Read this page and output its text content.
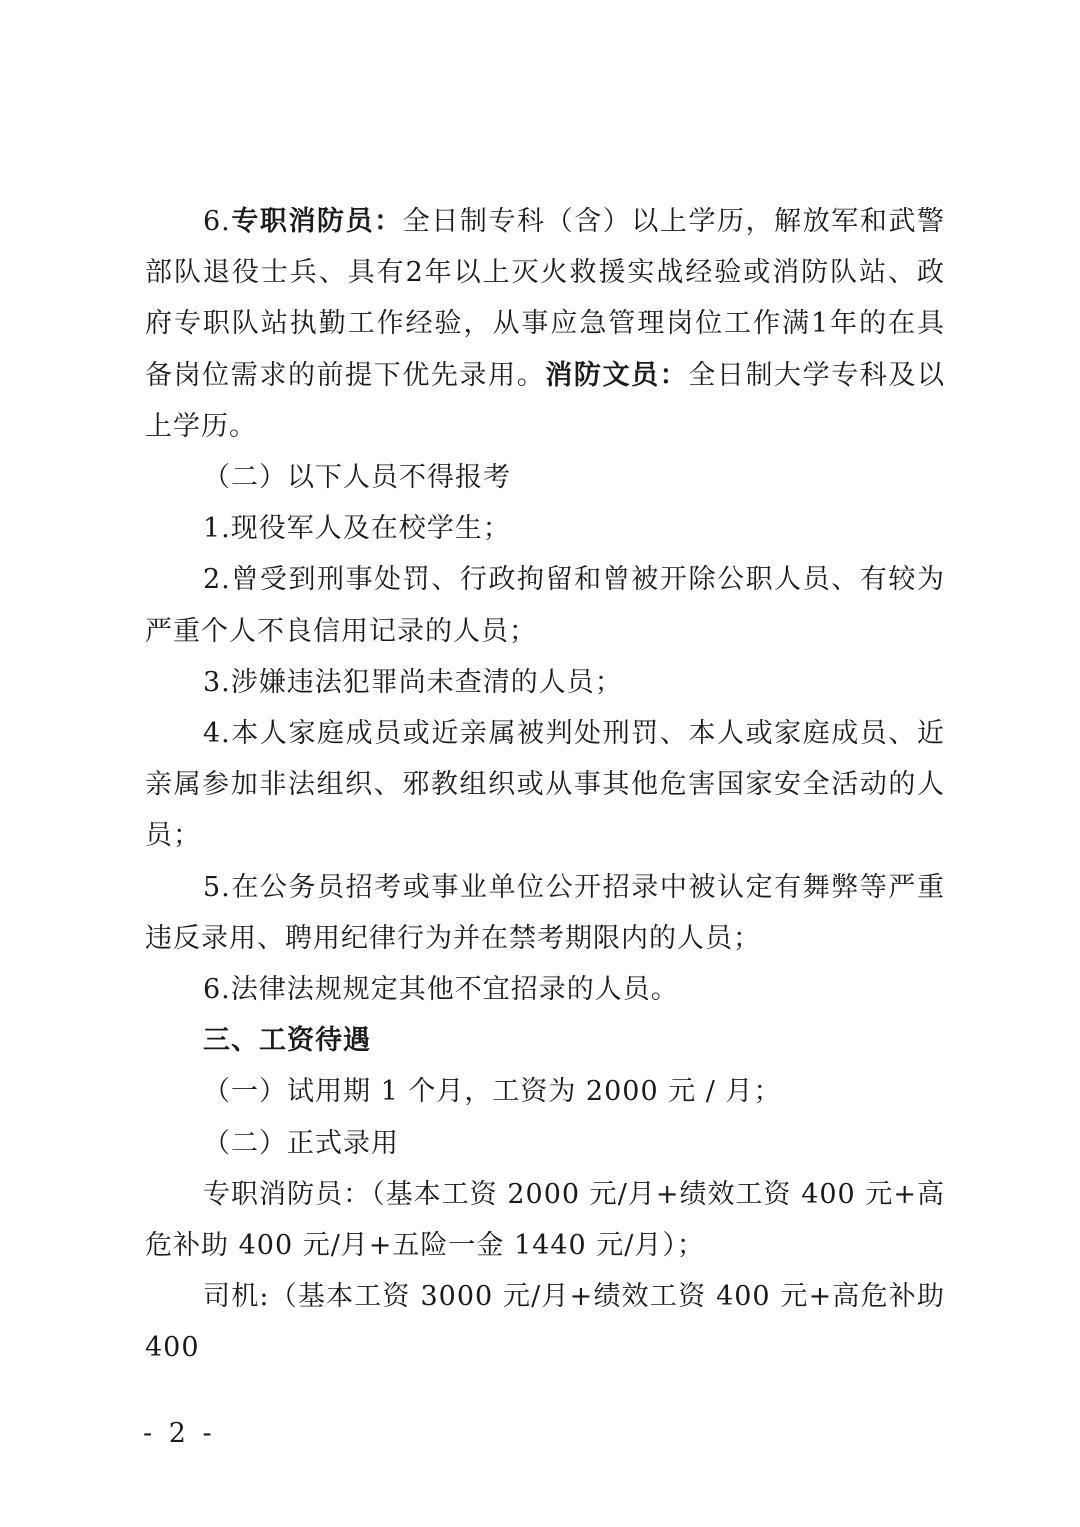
6.专职消防员：全日制专科（含）以上学历，解放军和武警部队退役士兵、具有2年以上灭火救援实战经验或消防队站、政府专职队站执勤工作经验，从事应急管理岗位工作满1年的在具备岗位需求的前提下优先录用。消防文员：全日制大学专科及以上学历。

（二）以下人员不得报考

1.现役军人及在校学生；

2.曾受到刑事处罚、行政拘留和曾被开除公职人员、有较为严重个人不良信用记录的人员；

3.涉嫌违法犯罪尚未查清的人员；

4.本人家庭成员或近亲属被判处刑罚、本人或家庭成员、近亲属参加非法组织、邪教组织或从事其他危害国家安全活动的人员；

5.在公务员招考或事业单位公开招录中被认定有舞弊等严重违反录用、聘用纪律行为并在禁考期限内的人员；

6.法律法规规定其他不宜招录的人员。

三、工资待遇

（一）试用期 1 个月，工资为 2000 元 / 月；

（二）正式录用

专职消防员：（基本工资 2000 元/月+绩效工资 400 元+高危补助 400 元/月+五险一金 1440 元/月）；

司机:（基本工资 3000 元/月+绩效工资 400 元+高危补助 400

- 2 -
